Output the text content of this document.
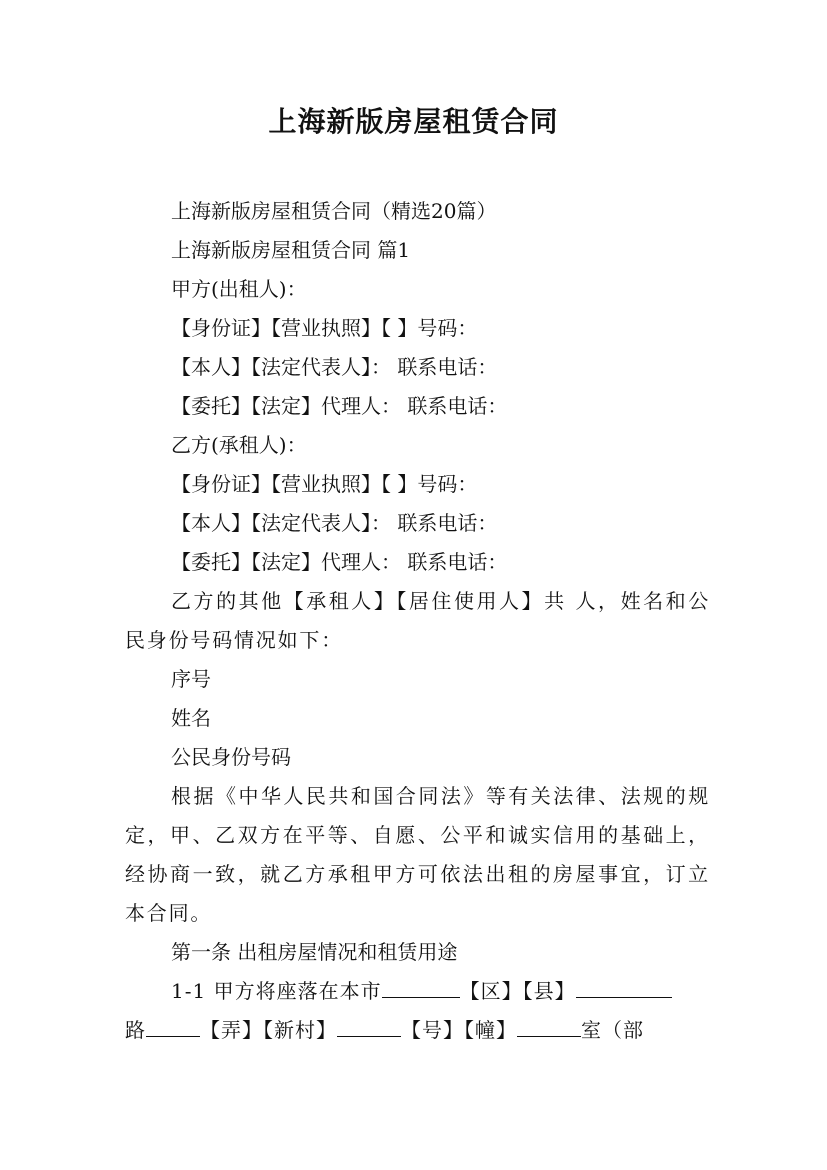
上海新版房屋租赁合同

上海新版房屋租赁合同（精选20篇）

上海新版房屋租赁合同 篇1

甲方(出租人)：

【身份证】【营业执照】【 】号码：

【本人】【法定代表人】： 联系电话：

【委托】【法定】代理人： 联系电话：

乙方(承租人)：

【身份证】【营业执照】【 】号码：

【本人】【法定代表人】： 联系电话：

【委托】【法定】代理人： 联系电话：

乙方的其他【承租人】【居住使用人】共 人，姓名和公民身份号码情况如下：

序号

姓名

公民身份号码

根据《中华人民共和国合同法》等有关法律、法规的规定，甲、乙双方在平等、自愿、公平和诚实信用的基础上，经协商一致，就乙方承租甲方可依法出租的房屋事宜，订立本合同。

第一条 出租房屋情况和租赁用途

1-1 甲方将座落在本市	【区】【县】

路	【弄】【新村】	【号】【幢】	室（部
